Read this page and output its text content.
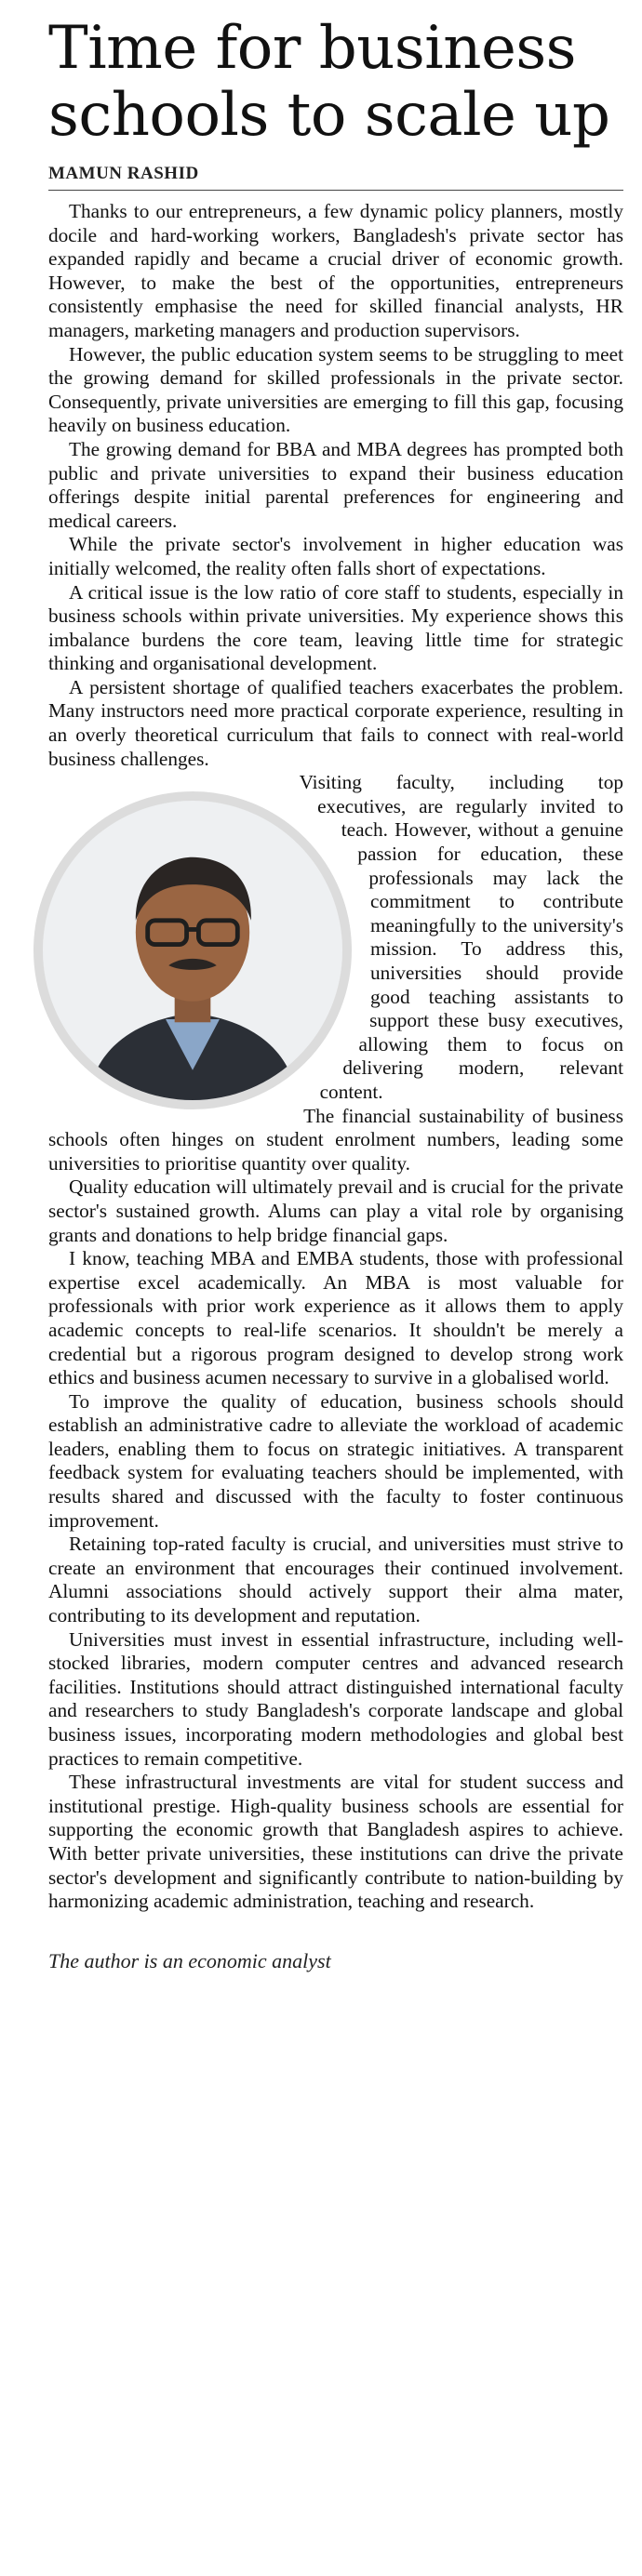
Time for business schools to scale up
MAMUN RASHID

Thanks to our entrepreneurs, a few dynamic policy planners, mostly docile and hard-working workers, Bangladesh's private sector has expanded rapidly and became a crucial driver of economic growth. However, to make the best of the opportunities, entrepreneurs consistently emphasise the need for skilled financial analysts, HR managers, marketing managers and production supervisors.

However, the public education system seems to be struggling to meet the growing demand for skilled professionals in the private sector. Consequently, private universities are emerging to fill this gap, focusing heavily on business education.

The growing demand for BBA and MBA degrees has prompted both public and private universities to expand their business education offerings despite initial parental preferences for engineering and medical careers.

While the private sector's involvement in higher education was initially welcomed, the reality often falls short of expectations.

A critical issue is the low ratio of core staff to students, especially in business schools within private universities. My experience shows this imbalance burdens the core team, leaving little time for strategic thinking and organisational development.

A persistent shortage of qualified teachers exacerbates the problem. Many instructors need more practical corporate experience, resulting in an overly theoretical curriculum that fails to connect with real-world business challenges.

Visiting faculty, including top executives, are regularly invited to teach. However, without a genuine passion for education, these professionals may lack the commitment to contribute meaningfully to the university's mission. To address this, universities should provide good teaching assistants to support these busy executives, allowing them to focus on delivering modern, relevant content.

The financial sustainability of business schools often hinges on student enrolment numbers, leading some universities to prioritise quantity over quality.

Quality education will ultimately prevail and is crucial for the private sector's sustained growth. Alums can play a vital role by organising grants and donations to help bridge financial gaps.

I know, teaching MBA and EMBA students, those with professional expertise excel academically. An MBA is most valuable for professionals with prior work experience as it allows them to apply academic concepts to real-life scenarios. It shouldn't be merely a credential but a rigorous program designed to develop strong work ethics and business acumen necessary to survive in a globalised world.

To improve the quality of education, business schools should establish an administrative cadre to alleviate the workload of academic leaders, enabling them to focus on strategic initiatives. A transparent feedback system for evaluating teachers should be implemented, with results shared and discussed with the faculty to foster continuous improvement.

Retaining top-rated faculty is crucial, and universities must strive to create an environment that encourages their continued involvement. Alumni associations should actively support their alma mater, contributing to its development and reputation.

Universities must invest in essential infrastructure, including well-stocked libraries, modern computer centres and advanced research facilities. Institutions should attract distinguished international faculty and researchers to study Bangladesh's corporate landscape and global business issues, incorporating modern methodologies and global best practices to remain competitive.

These infrastructural investments are vital for student success and institutional prestige. High-quality business schools are essential for supporting the economic growth that Bangladesh aspires to achieve. With better private universities, these institutions can drive the private sector's development and significantly contribute to nation-building by harmonizing academic administration, teaching and research.

The author is an economic analyst
